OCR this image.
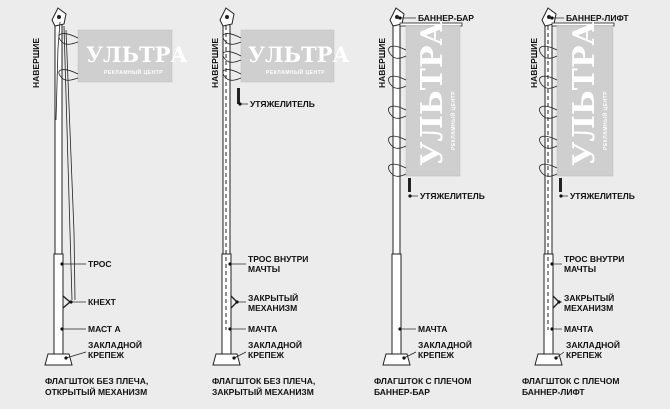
УЛЬТРА
РЕКЛАМНЫЙ ЦЕНТР
НАВЕРШИЕ
ТРОС
КНЕХТ
МАСТ А
ЗАКЛАДНОЙ
КРЕПЕЖ
ФЛАГШТОК БЕЗ ПЛЕЧА,
ОТКРЫТЫЙ МЕХАНИЗМ
УЛЬТРА
РЕКЛАМНЫЙ ЦЕНТР
НАВЕРШИЕ
УТЯЖЕЛИТЕЛЬ
ТРОС ВНУТРИ
МАЧТЫ
ЗАКРЫТЫЙ
МЕХАНИЗМ
МАЧТА
ЗАКЛАДНОЙ
КРЕПЕЖ
ФЛАГШТОК БЕЗ ПЛЕЧА,
ЗАКРЫТЫЙ МЕХАНИЗМ
УЛЬТРА РЕКЛАМНЫЙ ЦЕНТР
НАВЕРШИЕ
БАННЕР-БАР
УТЯЖЕЛИТЕЛЬ
МАЧТА
ЗАКЛАДНОЙ
КРЕПЕЖ
ФЛАГШТОК С ПЛЕЧОМ
БАННЕР-БАР
УЛЬТРА РЕКЛАМНЫЙ ЦЕНТР
НАВЕРШИЕ
БАННЕР-ЛИФТ
УТЯЖЕЛИТЕЛЬ
ТРОС ВНУТРИ
МАЧТЫ
ЗАКРЫТЫЙ
МЕХАНИЗМ
МАЧТА
ЗАКЛАДНОЙ
КРЕПЕЖ
ФЛАГШТОК С ПЛЕЧОМ
БАННЕР-ЛИФТ
